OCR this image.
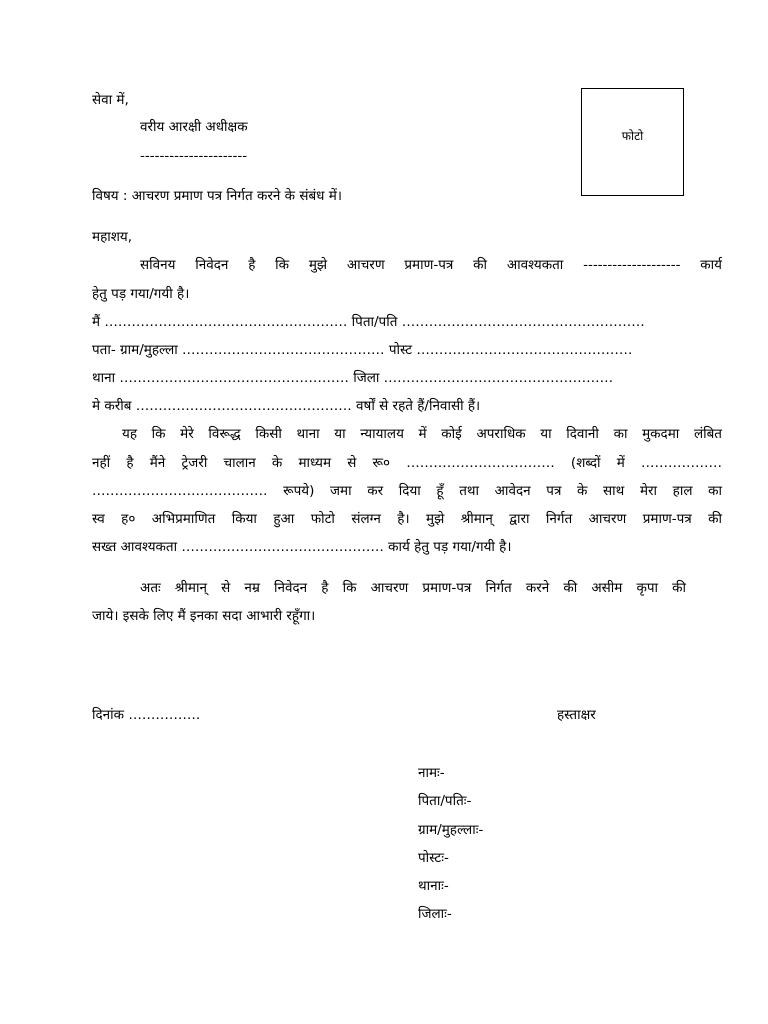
फोटो
सेवा में,
वरीय आरक्षी अधीक्षक
----------------------
विषय : आचरण प्रमाण पत्र निर्गत करने के संबंध में।
महाशय,
सविनय निवेदन है कि मुझे आचरण प्रमाण-पत्र की आवश्यकता -------------------- कार्य
हेतु पड़ गया/गयी है।
मैं ……………………………………………… पिता/पति ………………………………………………
पता- ग्राम/मुहल्ला ……………………………………… पोस्ट …………………………………………
थाना …………………………………………… जिला ……………………………………………
मे करीब ………………………………………… वर्षों से रहते हैं/निवासी हैं।
यह कि मेरे विरूद्ध किसी थाना या न्यायालय में कोई अपराधिक या दिवानी का मुकदमा लंबित
नहीं है मैंने ट्रेजरी चालान के माध्यम से रू० …………………………… (शब्दों में ………………
………………………………… रूपये) जमा कर दिया हूँ तथा आवेदन पत्र के साथ मेरा हाल का
स्व ह० अभिप्रमाणित किया हुआ फोटो संलग्न है। मुझे श्रीमान् द्वारा निर्गत आचरण प्रमाण-पत्र की
सख्त आवश्यकता ……………………………………… कार्य हेतु पड़ गया/गयी है।
अतः श्रीमान् से नम्र निवेदन है कि आचरण प्रमाण-पत्र निर्गत करने की असीम कृपा की
जाये। इसके लिए मैं इनका सदा आभारी रहूँगा।
दिनांक …………….	हस्ताक्षर
नामः-
पिता/पतिः-
ग्राम/मुहल्लाः-
पोस्टः-
थानाः-
जिलाः-
